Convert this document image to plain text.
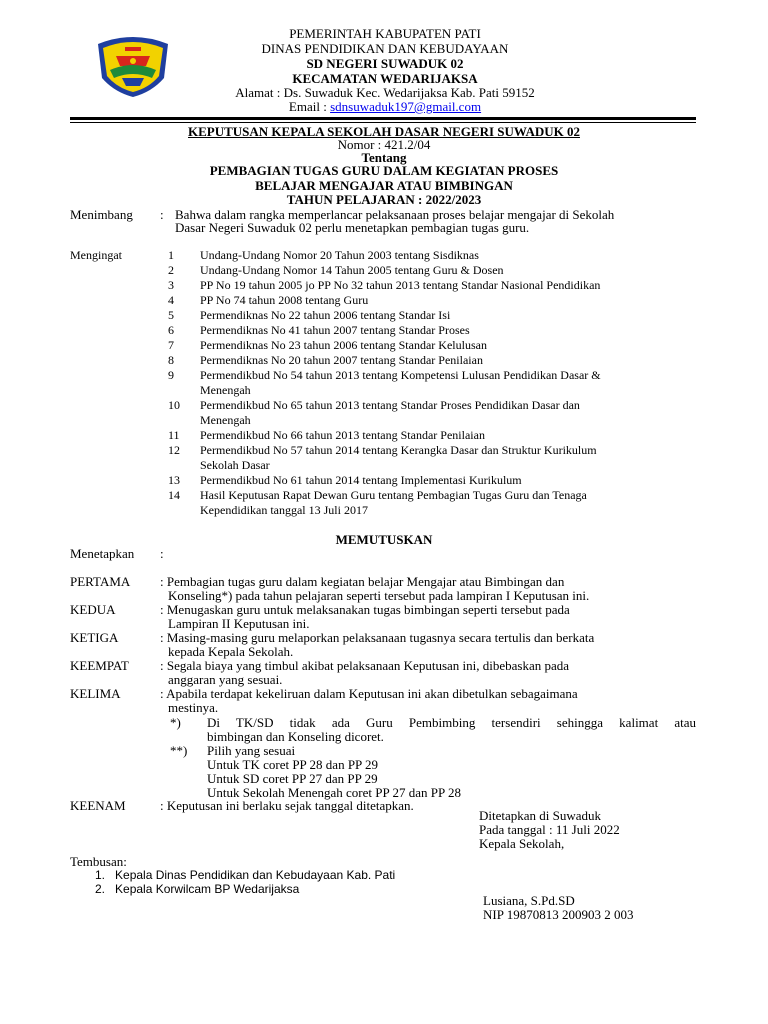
PEMERINTAH KABUPATEN PATI
DINAS PENDIDIKAN DAN KEBUDAYAAN
SD NEGERI SUWADUK 02
KECAMATAN WEDARIJAKSA
Alamat : Ds. Suwaduk Kec. Wedarijaksa Kab. Pati 59152
Email : sdnsuwaduk197@gmail.com
KEPUTUSAN KEPALA SEKOLAH DASAR NEGERI SUWADUK 02
Nomor : 421.2/04
Tentang
PEMBAGIAN TUGAS GURU DALAM KEGIATAN PROSES
BELAJAR MENGAJAR ATAU BIMBINGAN
TAHUN PELAJARAN : 2022/2023
Menimbang : Bahwa dalam rangka memperlancar pelaksanaan proses belajar mengajar di Sekolah
Dasar Negeri Suwaduk 02 perlu menetapkan pembagian tugas guru.
Mengingat	1	Undang-Undang Nomor 20 Tahun 2003 tentang Sisdiknas
2	Undang-Undang Nomor 14 Tahun 2005 tentang Guru & Dosen
3	PP No 19 tahun 2005 jo PP No 32 tahun 2013 tentang Standar Nasional Pendidikan
4	PP No 74 tahun 2008 tentang Guru
5	Permendiknas No 22 tahun 2006 tentang Standar Isi
6	Permendiknas No 41 tahun 2007 tentang Standar Proses
7	Permendiknas No 23 tahun 2006 tentang Standar Kelulusan
8	Permendiknas No 20 tahun 2007 tentang Standar Penilaian
9	Permendikbud No 54 tahun 2013 tentang Kompetensi Lulusan Pendidikan Dasar &
Menengah
10	Permendikbud No 65 tahun 2013 tentang Standar Proses Pendidikan Dasar dan
Menengah
11	Permendikbud No 66 tahun 2013 tentang Standar Penilaian
12	Permendikbud No 57 tahun 2014 tentang Kerangka Dasar dan Struktur Kurikulum
Sekolah Dasar
13	Permendikbud No 61 tahun 2014 tentang Implementasi Kurikulum
14	Hasil Keputusan Rapat Dewan Guru tentang Pembagian Tugas Guru dan Tenaga
Kependidikan tanggal 13 Juli 2017
MEMUTUSKAN
Menetapkan :
PERTAMA : Pembagian tugas guru dalam kegiatan belajar Mengajar atau Bimbingan dan
Konseling*) pada tahun pelajaran seperti tersebut pada lampiran I Keputusan ini.
KEDUA	: Menugaskan guru untuk melaksanakan tugas bimbingan seperti tersebut pada
Lampiran II Keputusan ini.
KETIGA	: Masing-masing guru melaporkan pelaksanaan tugasnya secara tertulis dan berkata
kepada Kepala Sekolah.
KEEMPAT : Segala biaya yang timbul akibat pelaksanaan Keputusan ini, dibebaskan pada
anggaran yang sesuai.
KELIMA	: Apabila terdapat kekeliruan dalam Keputusan ini akan dibetulkan sebagaimana
mestinya.
*) Di TK/SD tidak ada Guru Pembimbing tersendiri sehingga kalimat atau
bimbingan dan Konseling dicoret.
**) Pilih yang sesuai
Untuk TK coret PP 28 dan PP 29
Untuk SD coret PP 27 dan PP 29
Untuk Sekolah Menengah coret PP 27 dan PP 28
KEENAM	: Keputusan ini berlaku sejak tanggal ditetapkan.
Ditetapkan di Suwaduk
Pada tanggal : 11 Juli 2022
Kepala Sekolah,
Lusiana, S.Pd.SD
NIP 19870813 200903 2 003
Tembusan:
1.   Kepala Dinas Pendidikan dan Kebudayaan Kab. Pati
2.   Kepala Korwilcam BP Wedarijaksa
